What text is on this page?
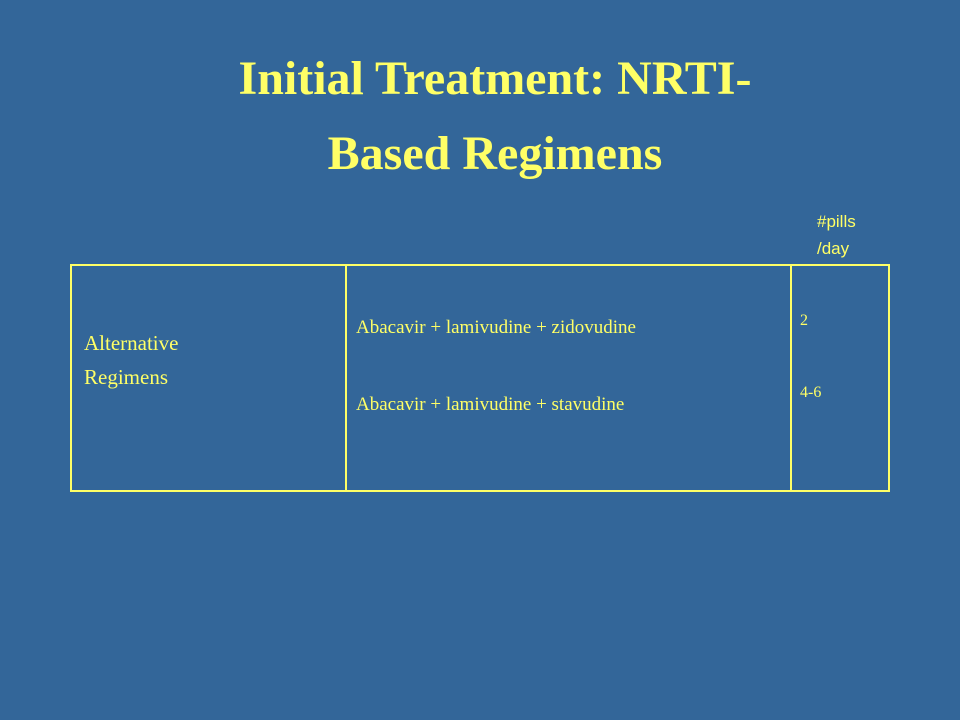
Initial Treatment: NRTI-
Based Regimens
#pills
/day
Alternative
Regimens
Abacavir + lamivudine + zidovudine
Abacavir + lamivudine + stavudine
2
4-6
